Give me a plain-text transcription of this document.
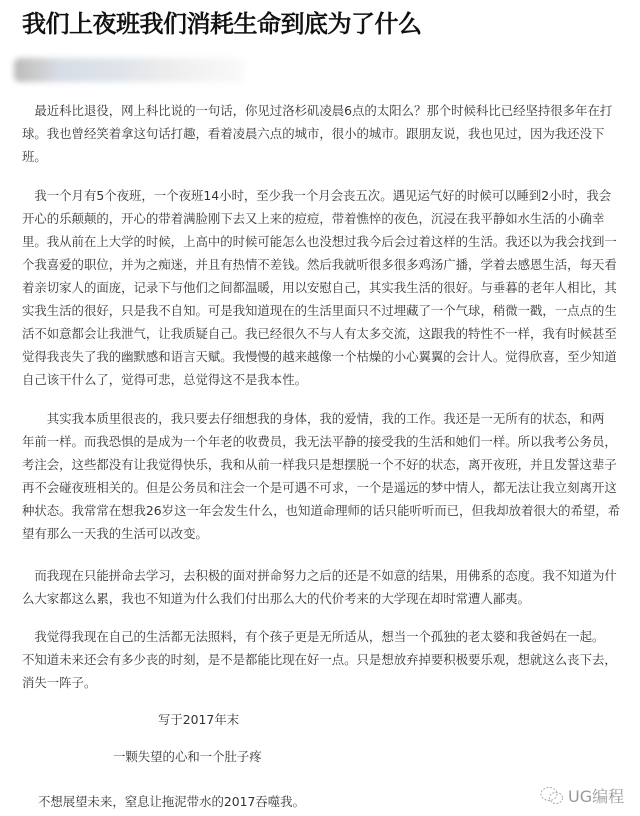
我们上夜班我们消耗生命到底为了什么
　最近科比退役，网上科比说的一句话，你见过洛杉矶凌晨6点的太阳么？那个时候科比已经坚持很多年在打
球。我也曾经笑着拿这句话打趣，看着凌晨六点的城市，很小的城市。跟朋友说，我也见过，因为我还没下
班。
　我一个月有5个夜班，一个夜班14小时，至少我一个月会丧五次。遇见运气好的时候可以睡到2小时，我会
开心的乐颠颠的，开心的带着满脸刚下去又上来的痘痘，带着憔悴的夜色，沉浸在我平静如水生活的小确幸
里。我从前在上大学的时候，上高中的时候可能怎么也没想过我今后会过着这样的生活。我还以为我会找到一
个我喜爱的职位，并为之痴迷，并且有热情不差钱。然后我就听很多很多鸡汤广播，学着去感恩生活，每天看
着亲切家人的面庞，记录下与他们之间都温暖，用以安慰自己，其实我生活的很好。与垂暮的老年人相比，其
实我生活的很好，只是我不自知。可是我知道现在的生活里面只不过埋藏了一个气球，稍微一戳，一点点的生
活不如意都会让我泄气，让我质疑自己。我已经很久不与人有太多交流，这跟我的特性不一样，我有时候甚至
觉得我丧失了我的幽默感和语言天赋。我慢慢的越来越像一个枯燥的小心翼翼的会计人。觉得欣喜，至少知道
自己该干什么了，觉得可悲，总觉得这不是我本性。
　　其实我本质里很丧的，我只要去仔细想我的身体，我的爱情，我的工作。我还是一无所有的状态，和两
年前一样。而我恐惧的是成为一个年老的收费员，我无法平静的接受我的生活和她们一样。所以我考公务员，
考注会，这些都没有让我觉得快乐，我和从前一样我只是想摆脱一个不好的状态，离开夜班，并且发誓这辈子
再不会碰夜班相关的。但是公务员和注会一个是可遇不可求，一个是遥远的梦中情人，都无法让我立刻离开这
种状态。我常常在想我26岁这一年会发生什么，也知道命理师的话只能听听而已，但我却放着很大的希望，希
望有那么一天我的生活可以改变。
　而我现在只能拼命去学习，去积极的面对拼命努力之后的还是不如意的结果，用佛系的态度。我不知道为什
么大家都这么累，我也不知道为什么我们付出那么大的代价考来的大学现在却时常遭人鄙夷。
　我觉得我现在自己的生活都无法照料，有个孩子更是无所适从，想当一个孤独的老太婆和我爸妈在一起。
不知道未来还会有多少丧的时刻，是不是都能比现在好一点。只是想放弃掉要积极要乐观，想就这么丧下去，
消失一阵子。
写于2017年末
一颗失望的心和一个肚子疼
不想展望未来，窒息让拖泥带水的2017吞噬我。	UG编程
